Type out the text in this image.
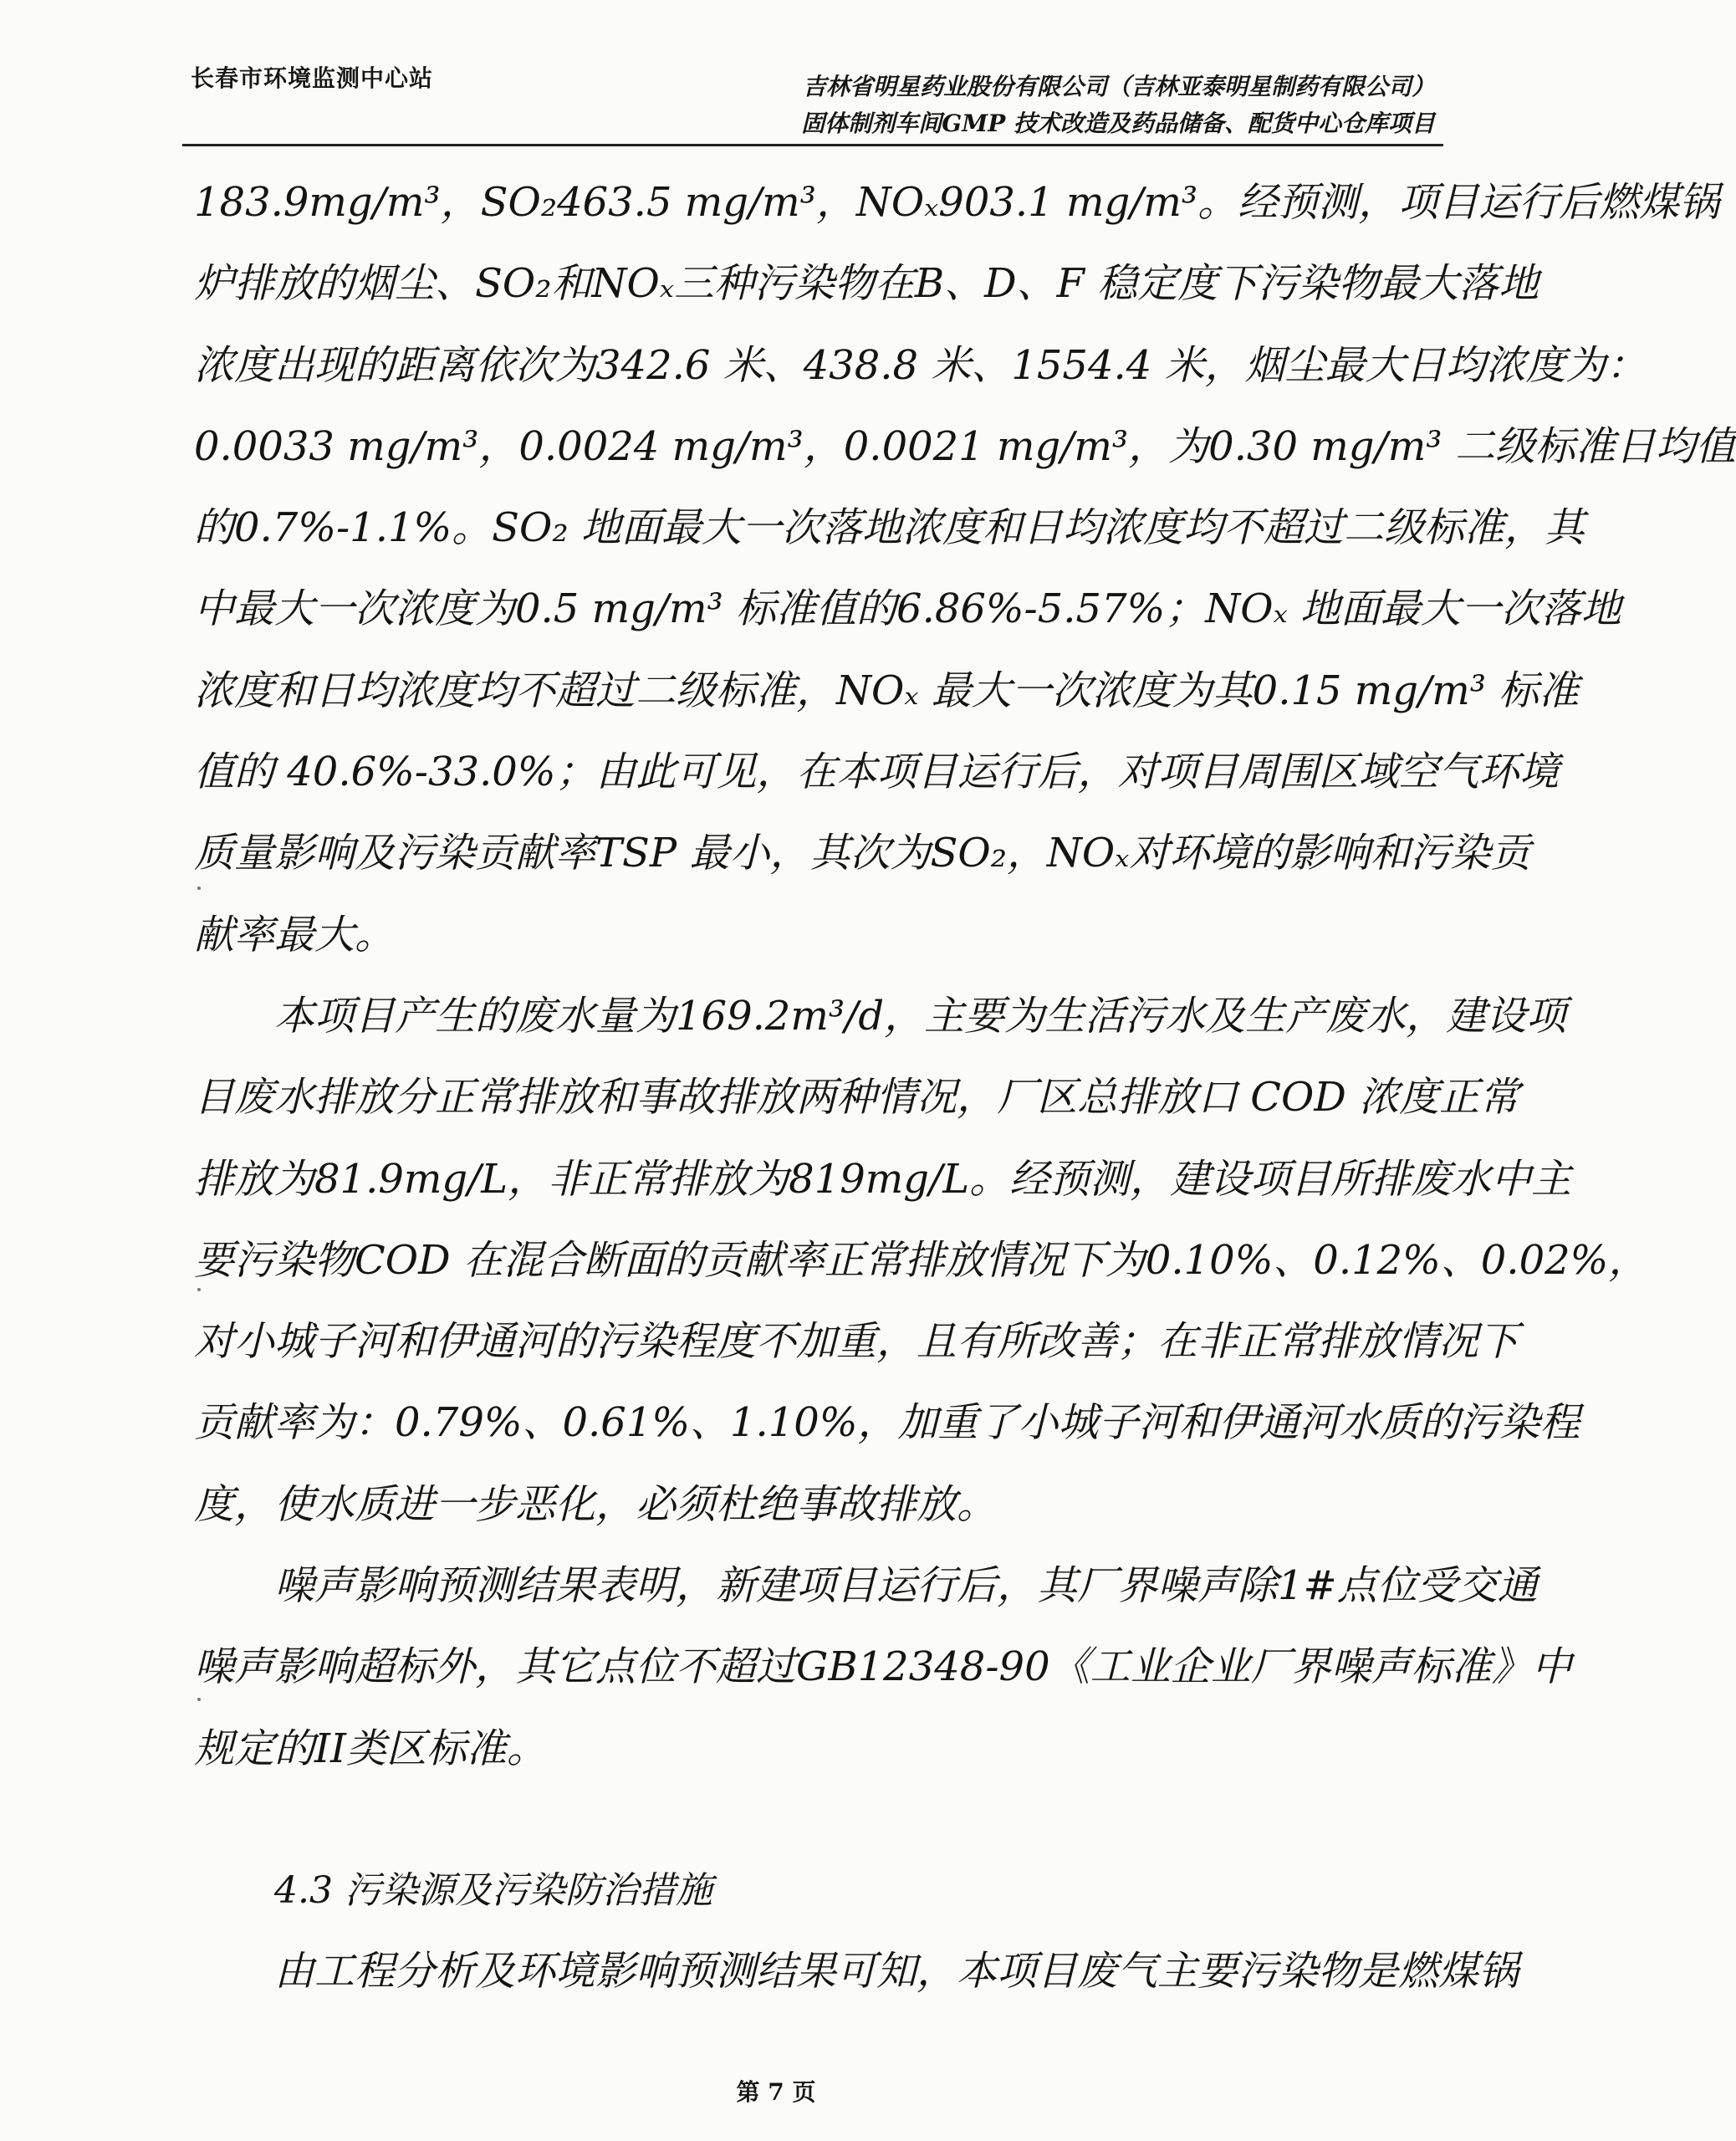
长春市环境监测中心站	吉林省明星药业股份有限公司（吉林亚泰明星制药有限公司）
固体制剂车间GMP 技术改造及药品储备、配货中心仓库项目

183.9mg/m³，SO₂463.5 mg/m³，NOₓ903.1 mg/m³。经预测，项目运行后燃煤锅
炉排放的烟尘、SO₂和NOₓ三种污染物在B、D、F 稳定度下污染物最大落地
浓度出现的距离依次为342.6 米、438.8 米、1554.4 米，烟尘最大日均浓度为：
0.0033 mg/m³，0.0024 mg/m³，0.0021 mg/m³，为0.30 mg/m³ 二级标准日均值
的0.7%-1.1%。SO₂ 地面最大一次落地浓度和日均浓度均不超过二级标准，其
中最大一次浓度为0.5 mg/m³ 标准值的6.86%-5.57%；NOₓ 地面最大一次落地
浓度和日均浓度均不超过二级标准，NOₓ 最大一次浓度为其0.15 mg/m³ 标准
值的 40.6%-33.0%；由此可见，在本项目运行后，对项目周围区域空气环境
质量影响及污染贡献率TSP 最小，其次为SO₂，NOₓ对环境的影响和污染贡
献率最大。

本项目产生的废水量为169.2m³/d，主要为生活污水及生产废水，建设项
目废水排放分正常排放和事故排放两种情况，厂区总排放口 COD 浓度正常
排放为81.9mg/L，非正常排放为819mg/L。经预测，建设项目所排废水中主
要污染物COD 在混合断面的贡献率正常排放情况下为0.10%、0.12%、0.02%，
对小城子河和伊通河的污染程度不加重，且有所改善；在非正常排放情况下
贡献率为：0.79%、0.61%、1.10%，加重了小城子河和伊通河水质的污染程
度，使水质进一步恶化，必须杜绝事故排放。

噪声影响预测结果表明，新建项目运行后，其厂界噪声除1#点位受交通
噪声影响超标外，其它点位不超过GB12348-90《工业企业厂界噪声标准》中
规定的II类区标准。

4.3 污染源及污染防治措施

由工程分析及环境影响预测结果可知，本项目废气主要污染物是燃煤锅

第 7 页
